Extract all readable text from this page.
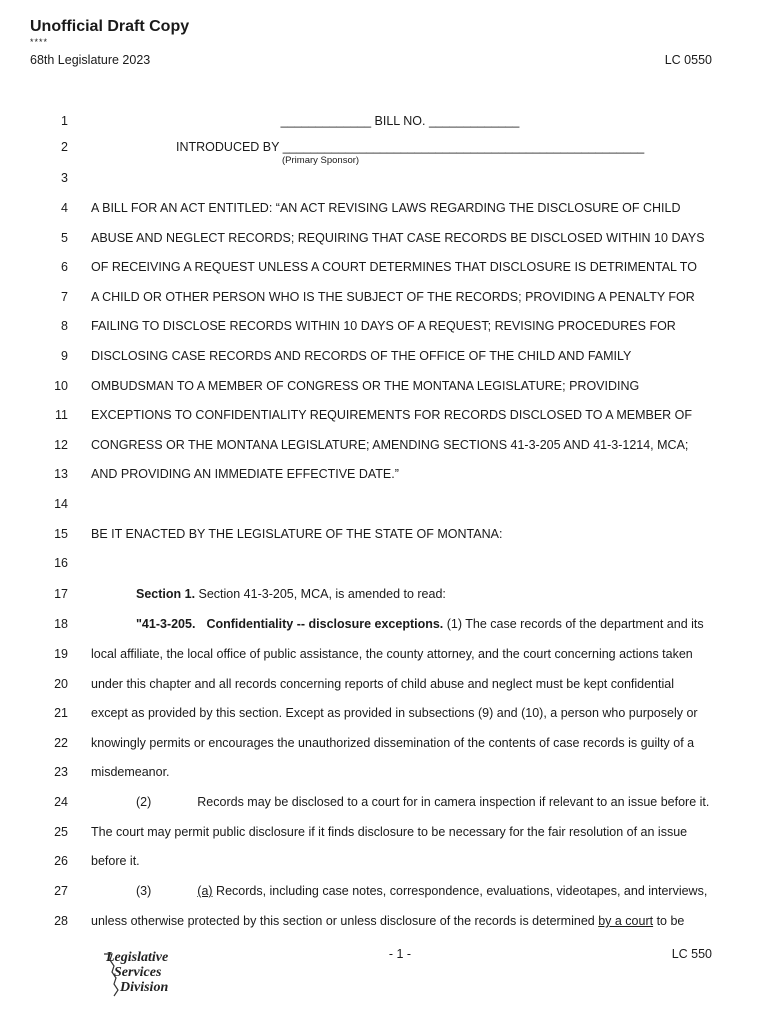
Unofficial Draft Copy
****
68th Legislature 2023	LC 0550
1	_____________ BILL NO. _____________
2	INTRODUCED BY ____________________________________________________
(Primary Sponsor)
3
4 A BILL FOR AN ACT ENTITLED: “AN ACT REVISING LAWS REGARDING THE DISCLOSURE OF CHILD
5 ABUSE AND NEGLECT RECORDS; REQUIRING THAT CASE RECORDS BE DISCLOSED WITHIN 10 DAYS
6 OF RECEIVING A REQUEST UNLESS A COURT DETERMINES THAT DISCLOSURE IS DETRIMENTAL TO
7 A CHILD OR OTHER PERSON WHO IS THE SUBJECT OF THE RECORDS; PROVIDING A PENALTY FOR
8 FAILING TO DISCLOSE RECORDS WITHIN 10 DAYS OF A REQUEST; REVISING PROCEDURES FOR
9 DISCLOSING CASE RECORDS AND RECORDS OF THE OFFICE OF THE CHILD AND FAMILY
10 OMBUDSMAN TO A MEMBER OF CONGRESS OR THE MONTANA LEGISLATURE; PROVIDING
11 EXCEPTIONS TO CONFIDENTIALITY REQUIREMENTS FOR RECORDS DISCLOSED TO A MEMBER OF
12 CONGRESS OR THE MONTANA LEGISLATURE; AMENDING SECTIONS 41-3-205 AND 41-3-1214, MCA;
13 AND PROVIDING AN IMMEDIATE EFFECTIVE DATE.”
14
15 BE IT ENACTED BY THE LEGISLATURE OF THE STATE OF MONTANA:
16
17	Section 1. Section 41-3-205, MCA, is amended to read:
18	"41-3-205. Confidentiality -- disclosure exceptions. (1) The case records of the department and its
19 local affiliate, the local office of public assistance, the county attorney, and the court concerning actions taken
20 under this chapter and all records concerning reports of child abuse and neglect must be kept confidential
21 except as provided by this section. Except as provided in subsections (9) and (10), a person who purposely or
22 knowingly permits or encourages the unauthorized dissemination of the contents of case records is guilty of a
23 misdemeanor.
24	(2)	Records may be disclosed to a court for in camera inspection if relevant to an issue before it.
25 The court may permit public disclosure if it finds disclosure to be necessary for the fair resolution of an issue
26 before it.
27	(3)	(a) Records, including case notes, correspondence, evaluations, videotapes, and interviews,
28 unless otherwise protected by this section or unless disclosure of the records is determined by a court to be
- 1 -	LC 550
Legislative
Services
Division
